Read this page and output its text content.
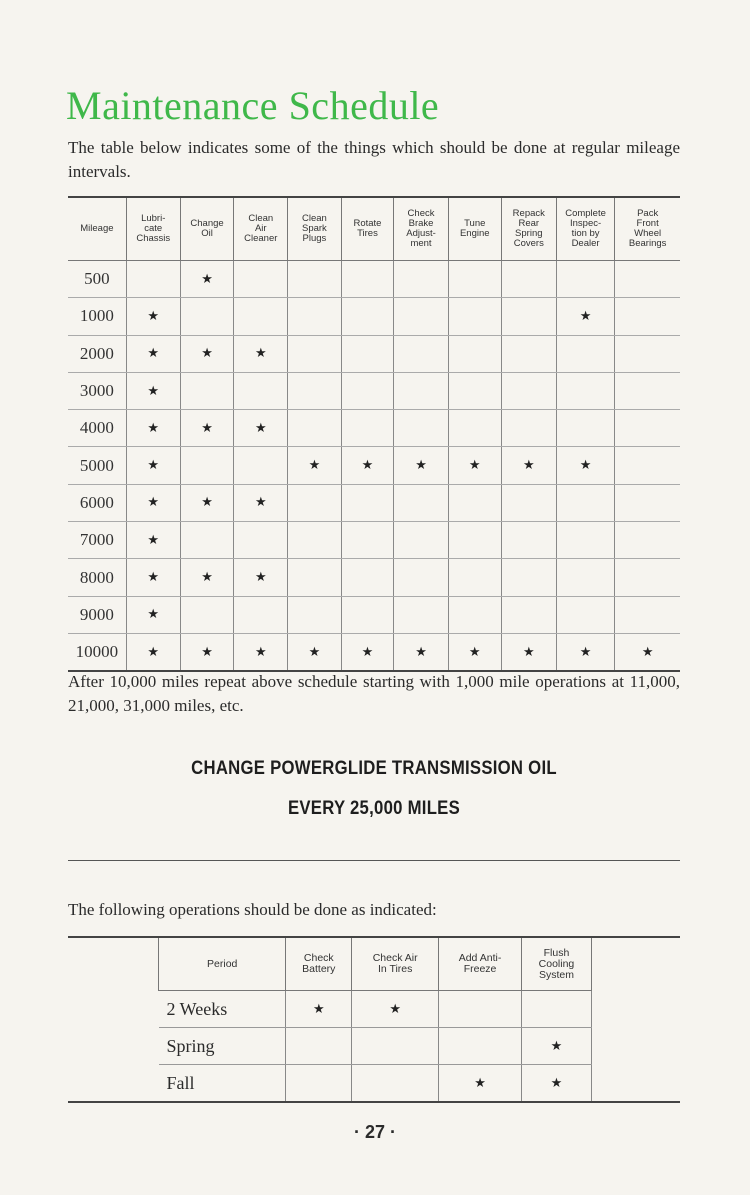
Maintenance Schedule

The table below indicates some of the things which should be done at regular mileage intervals.

Mileage	Lubri-
cate
Chassis	Change
Oil	Clean
Air
Cleaner	Clean
Spark
Plugs	Rotate
Tires	Check
Brake
Adjust-
ment	Tune
Engine	Repack
Rear
Spring
Covers	Complete
Inspec-
tion by
Dealer	Pack
Front
Wheel
Bearings
500		★								
1000	★								★	
2000	★	★	★							
3000	★									
4000	★	★	★							
5000	★			★	★	★	★	★	★	
6000	★	★	★							
7000	★									
8000	★	★	★							
9000	★									
10000	★	★	★	★	★	★	★	★	★	★

After 10,000 miles repeat above schedule starting with 1,000 mile operations at 11,000, 21,000, 31,000 miles, etc.

CHANGE POWERGLIDE TRANSMISSION OIL
EVERY 25,000 MILES

The following operations should be done as indicated:

	Period	Check
Battery	Check Air
In Tires	Add Anti-
Freeze	Flush
Cooling
System	
	2 Weeks	★	★			
	Spring				★	
	Fall			★	★	
· 27 ·
